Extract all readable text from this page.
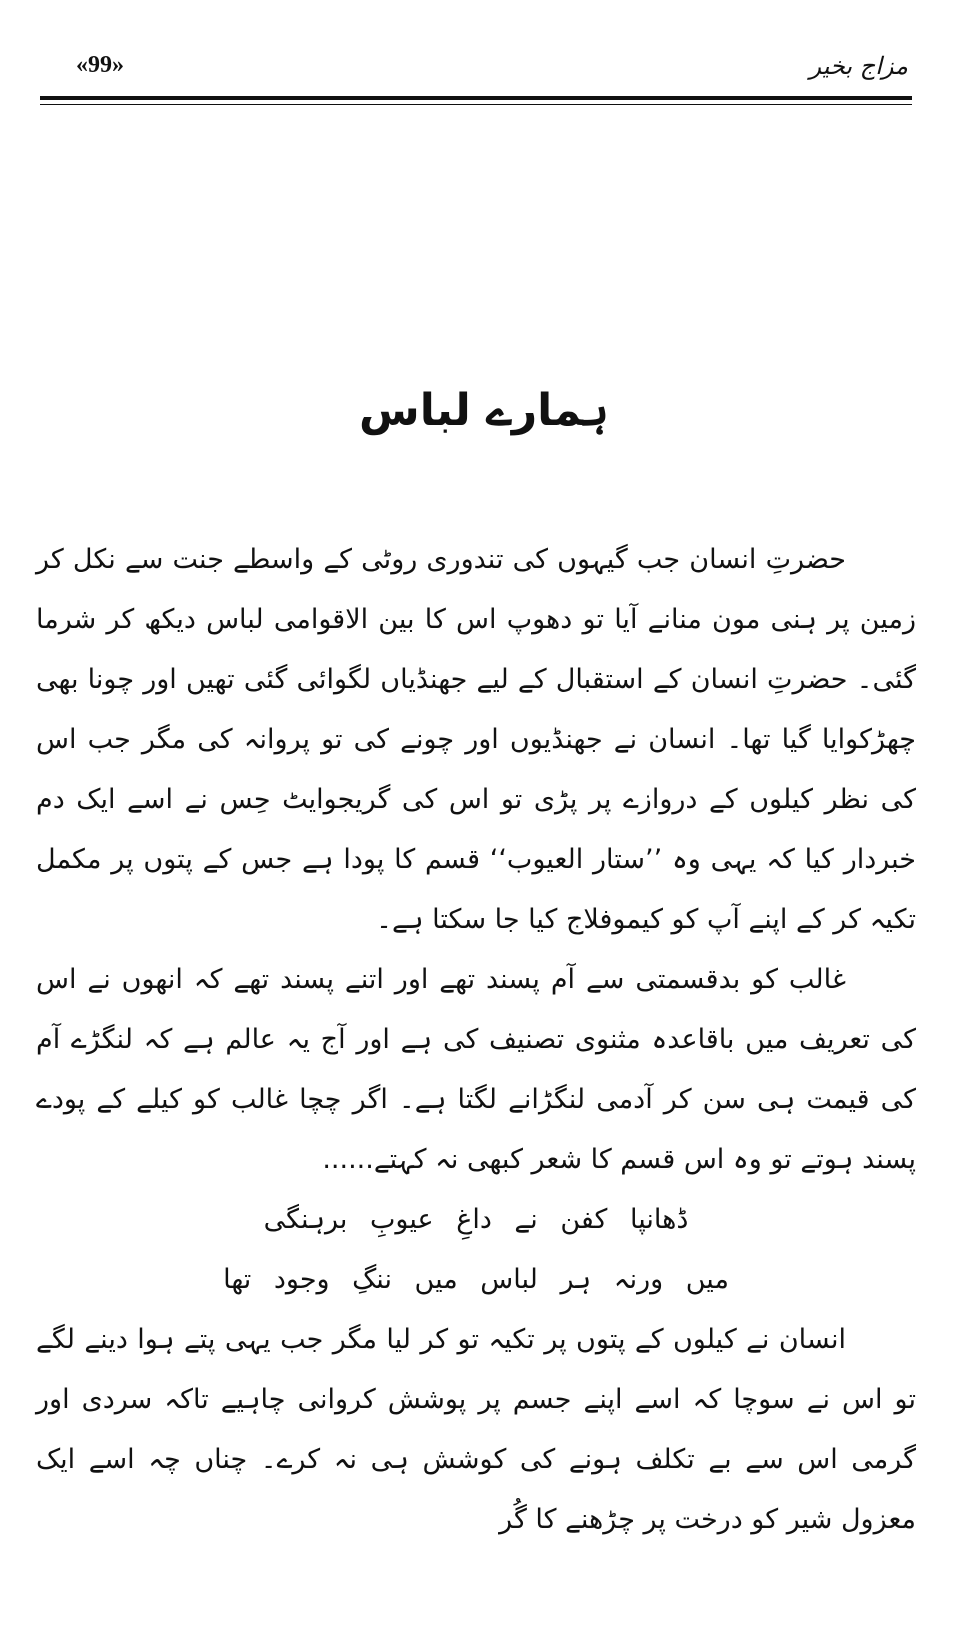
مزاج بخیر
«99»
ہمارے لباس

حضرتِ انسان جب گیہوں کی تندوری روٹی کے واسطے جنت سے نکل کر زمین پر ہنی مون منانے آیا تو دھوپ اس کا بین الاقوامی لباس دیکھ کر شرما گئی۔ حضرتِ انسان کے استقبال کے لیے جھنڈیاں لگوائی گئی تھیں اور چونا بھی چھڑکوایا گیا تھا۔ انسان نے جھنڈیوں اور چونے کی تو پروانہ کی مگر جب اس کی نظر کیلوں کے دروازے پر پڑی تو اس کی گریجوایٹ حِس نے اسے ایک دم خبردار کیا کہ یہی وہ ’’ستار العیوب‘‘ قسم کا پودا ہے جس کے پتوں پر مکمل تکیہ کر کے اپنے آپ کو کیموفلاج کیا جا سکتا ہے۔

غالب کو بدقسمتی سے آم پسند تھے اور اتنے پسند تھے کہ انھوں نے اس کی تعریف میں باقاعدہ مثنوی تصنیف کی ہے اور آج یہ عالم ہے کہ لنگڑے آم کی قیمت ہی سن کر آدمی لنگڑانے لگتا ہے۔ اگر چچا غالب کو کیلے کے پودے پسند ہوتے تو وہ اس قسم کا شعر کبھی نہ کہتے......

ڈھانپا کفن نے داغِ عیوبِ برہنگی

میں ورنہ ہر لباس میں ننگِ وجود تھا

انسان نے کیلوں کے پتوں پر تکیہ تو کر لیا مگر جب یہی پتے ہوا دینے لگے تو اس نے سوچا کہ اسے اپنے جسم پر پوشش کروانی چاہیے تاکہ سردی اور گرمی اس سے بے تکلف ہونے کی کوشش ہی نہ کرے۔ چناں چہ اسے ایک معزول شیر کو درخت پر چڑھنے کا گُر
